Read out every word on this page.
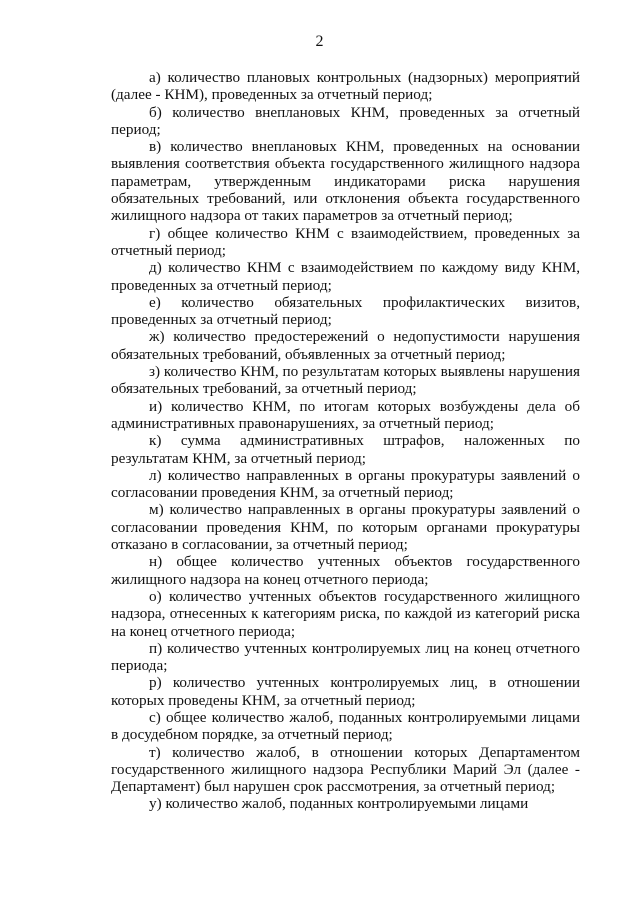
2

а) количество плановых контрольных (надзорных) мероприятий (далее - КНМ), проведенных за отчетный период;

б) количество внеплановых КНМ, проведенных за отчетный период;

в) количество внеплановых КНМ, проведенных на основании выявления соответствия объекта государственного жилищного надзора параметрам, утвержденным индикаторами риска нарушения обязательных требований, или отклонения объекта государственного жилищного надзора от таких параметров за отчетный период;

г) общее количество КНМ с взаимодействием, проведенных за отчетный период;

д) количество КНМ с взаимодействием по каждому виду КНМ, проведенных за отчетный период;

е) количество обязательных профилактических визитов, проведенных за отчетный период;

ж) количество предостережений о недопустимости нарушения обязательных требований, объявленных за отчетный период;

з) количество КНМ, по результатам которых выявлены нарушения обязательных требований, за отчетный период;

и) количество КНМ, по итогам которых возбуждены дела об административных правонарушениях, за отчетный период;

к) сумма административных штрафов, наложенных по результатам КНМ, за отчетный период;

л) количество направленных в органы прокуратуры заявлений о согласовании проведения КНМ, за отчетный период;

м) количество направленных в органы прокуратуры заявлений о согласовании проведения КНМ, по которым органами прокуратуры отказано в согласовании, за отчетный период;

н) общее количество учтенных объектов государственного жилищного надзора на конец отчетного периода;

о) количество учтенных объектов государственного жилищного надзора, отнесенных к категориям риска, по каждой из категорий риска на конец отчетного периода;

п) количество учтенных контролируемых лиц на конец отчетного периода;

р) количество учтенных контролируемых лиц, в отношении которых проведены КНМ, за отчетный период;

с) общее количество жалоб, поданных контролируемыми лицами в досудебном порядке, за отчетный период;

т) количество жалоб, в отношении которых Департаментом государственного жилищного надзора Республики Марий Эл (далее - Департамент) был нарушен срок рассмотрения, за отчетный период;

у) количество жалоб, поданных контролируемыми лицами
